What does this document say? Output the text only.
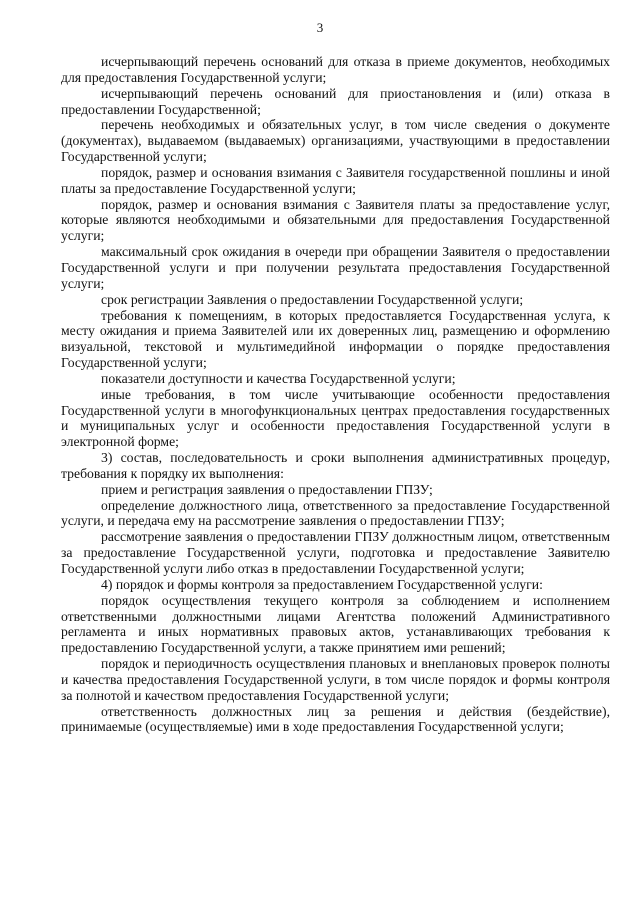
3

исчерпывающий перечень оснований для отказа в приеме документов, необходимых для предоставления Государственной услуги;

исчерпывающий перечень оснований для приостановления и (или) отказа в предоставлении Государственной;

перечень необходимых и обязательных услуг, в том числе сведения о документе (документах), выдаваемом (выдаваемых) организациями, участвующими в предоставлении Государственной услуги;

порядок, размер и основания взимания с Заявителя государственной пошлины и иной платы за предоставление Государственной услуги;

порядок, размер и основания взимания с Заявителя платы за предоставление услуг, которые являются необходимыми и обязательными для предоставления Государственной услуги;

максимальный срок ожидания в очереди при обращении Заявителя о предоставлении Государственной услуги и при получении результата предоставления Государственной услуги;

срок регистрации Заявления о предоставлении Государственной услуги;

требования к помещениям, в которых предоставляется Государственная услуга, к месту ожидания и приема Заявителей или их доверенных лиц, размещению и оформлению визуальной, текстовой и мультимедийной информации о порядке предоставления Государственной услуги;

показатели доступности и качества Государственной услуги;

иные требования, в том числе учитывающие особенности предоставления Государственной услуги в многофункциональных центрах предоставления государственных и муниципальных услуг и особенности предоставления Государственной услуги в электронной форме;

3) состав, последовательность и сроки выполнения административных процедур, требования к порядку их выполнения:

прием и регистрация заявления о предоставлении ГПЗУ;

определение должностного лица, ответственного за предоставление Государственной услуги, и передача ему на рассмотрение заявления о предоставлении ГПЗУ;

рассмотрение заявления о предоставлении ГПЗУ должностным лицом, ответственным за предоставление Государственной услуги, подготовка и предоставление Заявителю Государственной услуги либо отказ в предоставлении Государственной услуги;

4) порядок и формы контроля за предоставлением Государственной услуги:

порядок осуществления текущего контроля за соблюдением и исполнением ответственными должностными лицами Агентства положений Административного регламента и иных нормативных правовых актов, устанавливающих требования к предоставлению Государственной услуги, а также принятием ими решений;

порядок и периодичность осуществления плановых и внеплановых проверок полноты и качества предоставления Государственной услуги, в том числе порядок и формы контроля за полнотой и качеством предоставления Государственной услуги;

ответственность должностных лиц за решения и действия (бездействие), принимаемые (осуществляемые) ими в ходе предоставления Государственной услуги;
